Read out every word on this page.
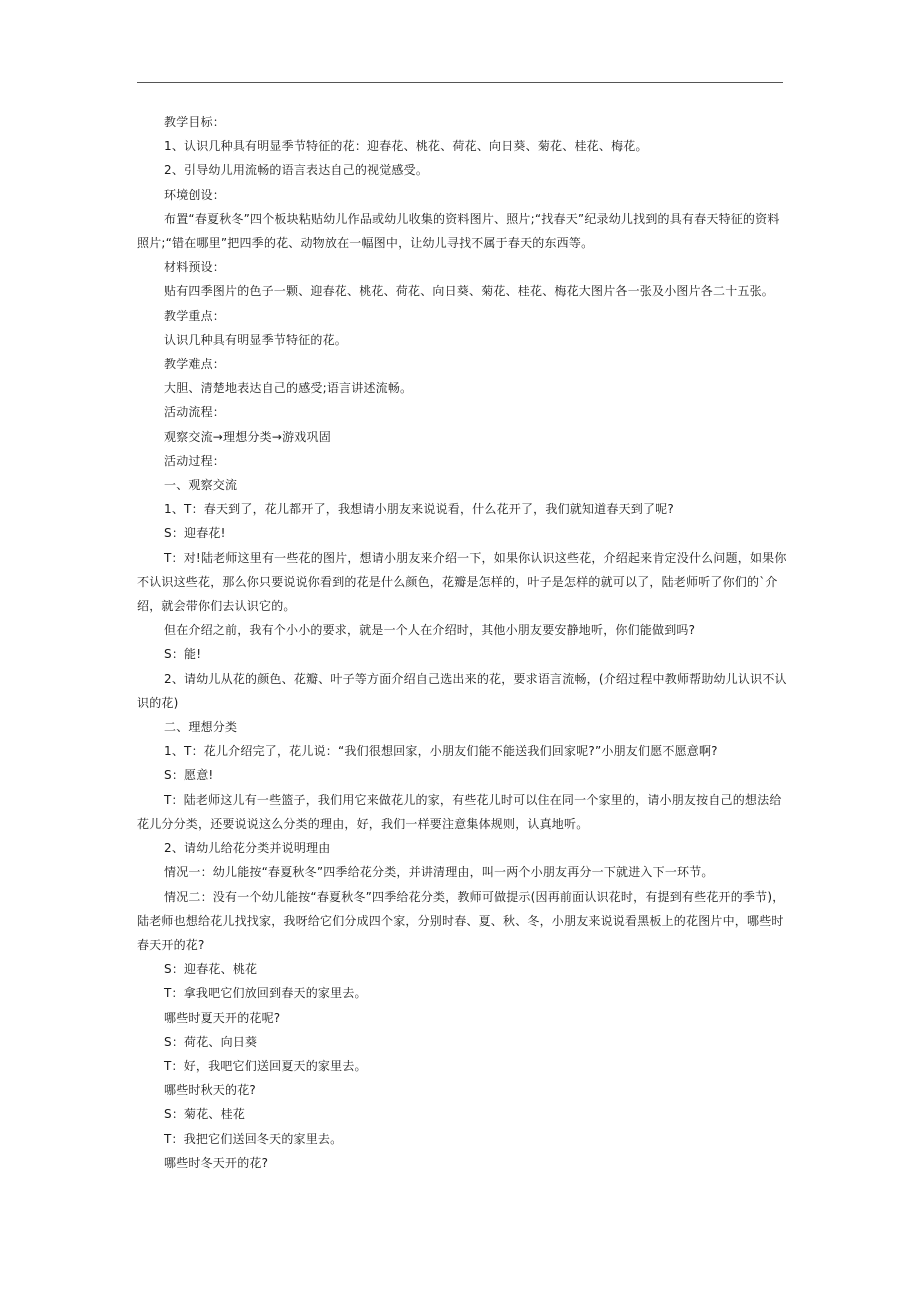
教学目标：
1、认识几种具有明显季节特征的花：迎春花、桃花、荷花、向日葵、菊花、桂花、梅花。
2、引导幼儿用流畅的语言表达自己的视觉感受。
环境创设：
布置“春夏秋冬”四个板块粘贴幼儿作品或幼儿收集的资料图片、照片;“找春天”纪录幼儿找到的具有春天特征的资料照片;“错在哪里”把四季的花、动物放在一幅图中，让幼儿寻找不属于春天的东西等。
材料预设：
贴有四季图片的色子一颗、迎春花、桃花、荷花、向日葵、菊花、桂花、梅花大图片各一张及小图片各二十五张。
教学重点：
认识几种具有明显季节特征的花。
教学难点：
大胆、清楚地表达自己的感受;语言讲述流畅。
活动流程：
观察交流→理想分类→游戏巩固
活动过程：
一、观察交流
1、T：春天到了，花儿都开了，我想请小朋友来说说看，什么花开了，我们就知道春天到了呢?
S：迎春花!
T：对!陆老师这里有一些花的图片，想请小朋友来介绍一下，如果你认识这些花，介绍起来肯定没什么问题，如果你不认识这些花，那么你只要说说你看到的花是什么颜色，花瓣是怎样的，叶子是怎样的就可以了，陆老师听了你们的`介绍，就会带你们去认识它的。
但在介绍之前，我有个小小的要求，就是一个人在介绍时，其他小朋友要安静地听，你们能做到吗?
S：能!
2、请幼儿从花的颜色、花瓣、叶子等方面介绍自己选出来的花，要求语言流畅，(介绍过程中教师帮助幼儿认识不认识的花)
二、理想分类
1、T：花儿介绍完了，花儿说：“我们很想回家，小朋友们能不能送我们回家呢?”小朋友们愿不愿意啊?
S：愿意!
T：陆老师这儿有一些篮子，我们用它来做花儿的家，有些花儿时可以住在同一个家里的，请小朋友按自己的想法给花儿分分类，还要说说这么分类的理由，好，我们一样要注意集体规则，认真地听。
2、请幼儿给花分类并说明理由
情况一：幼儿能按“春夏秋冬”四季给花分类，并讲清理由，叫一两个小朋友再分一下就进入下一环节。
情况二：没有一个幼儿能按“春夏秋冬”四季给花分类，教师可做提示(因再前面认识花时，有提到有些花开的季节)，陆老师也想给花儿找找家，我呀给它们分成四个家，分别时春、夏、秋、冬，小朋友来说说看黑板上的花图片中，哪些时春天开的花?
S：迎春花、桃花
T：拿我吧它们放回到春天的家里去。
哪些时夏天开的花呢?
S：荷花、向日葵
T：好，我吧它们送回夏天的家里去。
哪些时秋天的花?
S：菊花、桂花
T：我把它们送回冬天的家里去。
哪些时冬天开的花?
